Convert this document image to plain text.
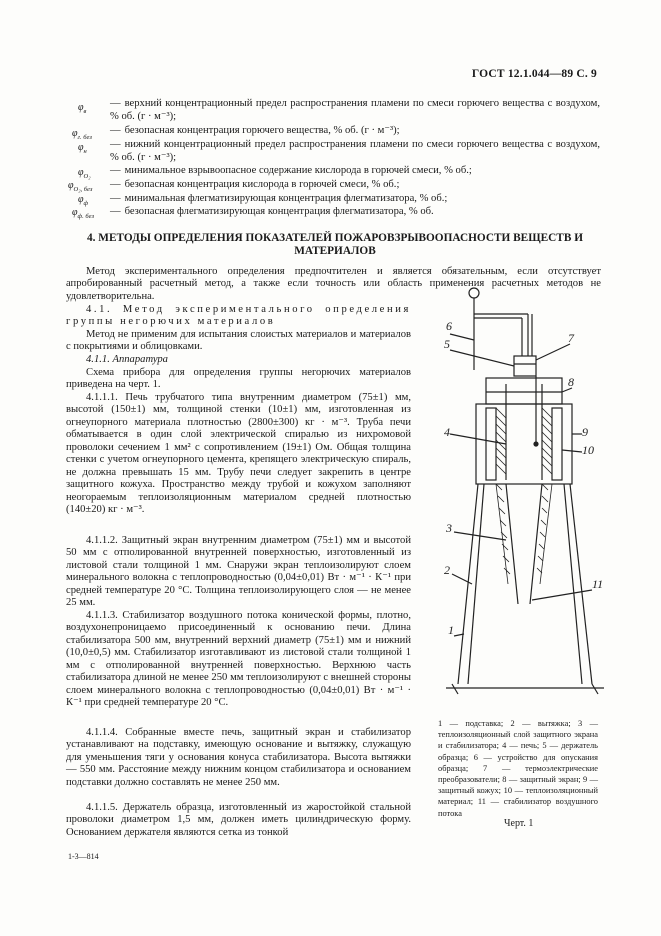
ГОСТ 12.1.044—89 С. 9
$\varphi_в$
— верхний концентрационный предел распространения пламени по смеси горючего вещества с воздухом, % об. (г · м⁻³);
$\varphi_{г. без}$
— безопасная концентрация горючего вещества, % об. (г · м⁻³);
$\varphi_н$
— нижний концентрационный предел распространения пламени по смеси горючего вещества с воздухом, % об. (г · м⁻³);
$\varphi_{O_2}$
— минимальное взрывоопасное содержание кислорода в горючей смеси, % об.;
$\varphi_{O_2, без}$ — безопасная концентрация кислорода в горючей смеси, % об.;
$\varphi_ф$ — минимальная флегматизирующая концентрация флегматизатора, % об.;
$\varphi_{ф. без}$ — безопасная флегматизирующая концентрация флегматизатора, % об.
4. МЕТОДЫ ОПРЕДЕЛЕНИЯ ПОКАЗАТЕЛЕЙ ПОЖАРОВЗРЫВООПАСНОСТИ ВЕЩЕСТВ И МАТЕРИАЛОВ

Метод экспериментального определения предпочтителен и является обязательным, если отсутствует апробированный расчетный метод, а также если точность или область применения расчетных методов не удовлетворительна.

4.1. Метод экспериментального определения группы негорючих материалов

Метод не применим для испытания слоистых материалов и материалов с покрытиями и облицовками.

4.1.1. Аппаратура

Схема прибора для определения группы негорючих материалов приведена на черт. 1.

4.1.1.1. Печь трубчатого типа внутренним диаметром (75±1) мм, высотой (150±1) мм, толщиной стенки (10±1) мм, изготовленная из огнеупорного материала плотностью (2800±300) кг · м⁻³. Труба печи обматывается в один слой электрической спиралью из нихромовой проволоки сечением 1 мм² с сопротивлением (19±1) Ом. Общая толщина стенки с учетом огнеупорного цемента, крепящего электрическую спираль, не должна превышать 15 мм. Трубу печи следует закрепить в центре защитного кожуха. Пространство между трубой и кожухом заполняют неогораемым теплоизоляционным материалом средней плотностью (140±20) кг · м⁻³.

4.1.1.2. Защитный экран внутренним диаметром (75±1) мм и высотой 50 мм с отполированной внутренней поверхностью, изготовленный из листовой стали толщиной 1 мм. Снаружи экран теплоизолируют слоем минерального волокна с теплопроводностью (0,04±0,01) Вт · м⁻¹ · К⁻¹ при средней температуре 20 °С. Толщина теплоизолирующего слоя — не менее 25 мм.

4.1.1.3. Стабилизатор воздушного потока конической формы, плотно, воздухонепроницаемо присоединенный к основанию печи. Длина стабилизатора 500 мм, внутренний верхний диаметр (75±1) мм и нижний (10,0±0,5) мм. Стабилизатор изготавливают из листовой стали толщиной 1 мм с отполированной внутренней поверхностью. Верхнюю часть стабилизатора длиной не менее 250 мм теплоизолируют с внешней стороны слоем минерального волокна с теплопроводностью (0,04±0,01) Вт · м⁻¹ · К⁻¹ при средней температуре 20 °С.

4.1.1.4. Собранные вместе печь, защитный экран и стабилизатор устанавливают на подставку, имеющую основание и вытяжку, служащую для уменьшения тяги у основания конуса стабилизатора. Высота вытяжки — 550 мм. Расстояние между нижним концом стабилизатора и основанием подставки должно составлять не менее 250 мм.

4.1.1.5. Держатель образца, изготовленный из жаростойкой стальной проволоки диаметром 1,5 мм, должен иметь цилиндрическую форму. Основанием держателя являются сетка из тонкой

6
5	7
8
4	9
10
3
2
11
1
1 — подставка; 2 — вытяжка; 3 — теплоизоляционный слой защитного экрана и стабилизатора; 4 — печь; 5 — держатель образца; 6 — устройство для опускания образца; 7 — термоэлектрические преобразователи; 8 — защитный экран; 9 — защитный кожух; 10 — теплоизоляционный материал; 11 — стабилизатор воздушного потока
Черт. 1
1-3—814
